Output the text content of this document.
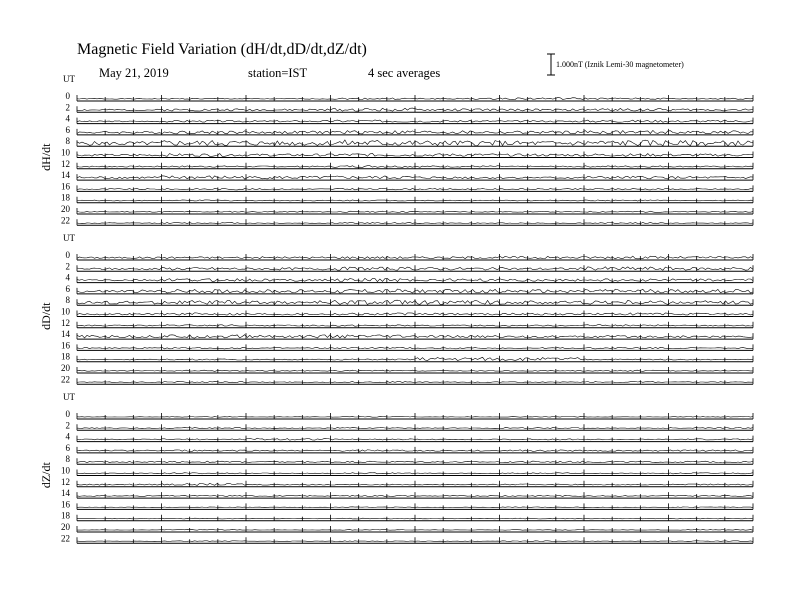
Magnetic Field Variation (dH/dt,dD/dt,dZ/dt)
May 21, 2019	station=IST	4 sec averages
1.000nT (Iznik Lemi-30 magnetometer)
UT
dH/dt
0
2
4
6
8
10
12
14
16
18
20
22
UT
dD/dt
0
2
4
6
8
10
12
14
16
18
20
22
UT
dZ/dt
0
2
4
6
8
10
12
14
16
18
20
22
